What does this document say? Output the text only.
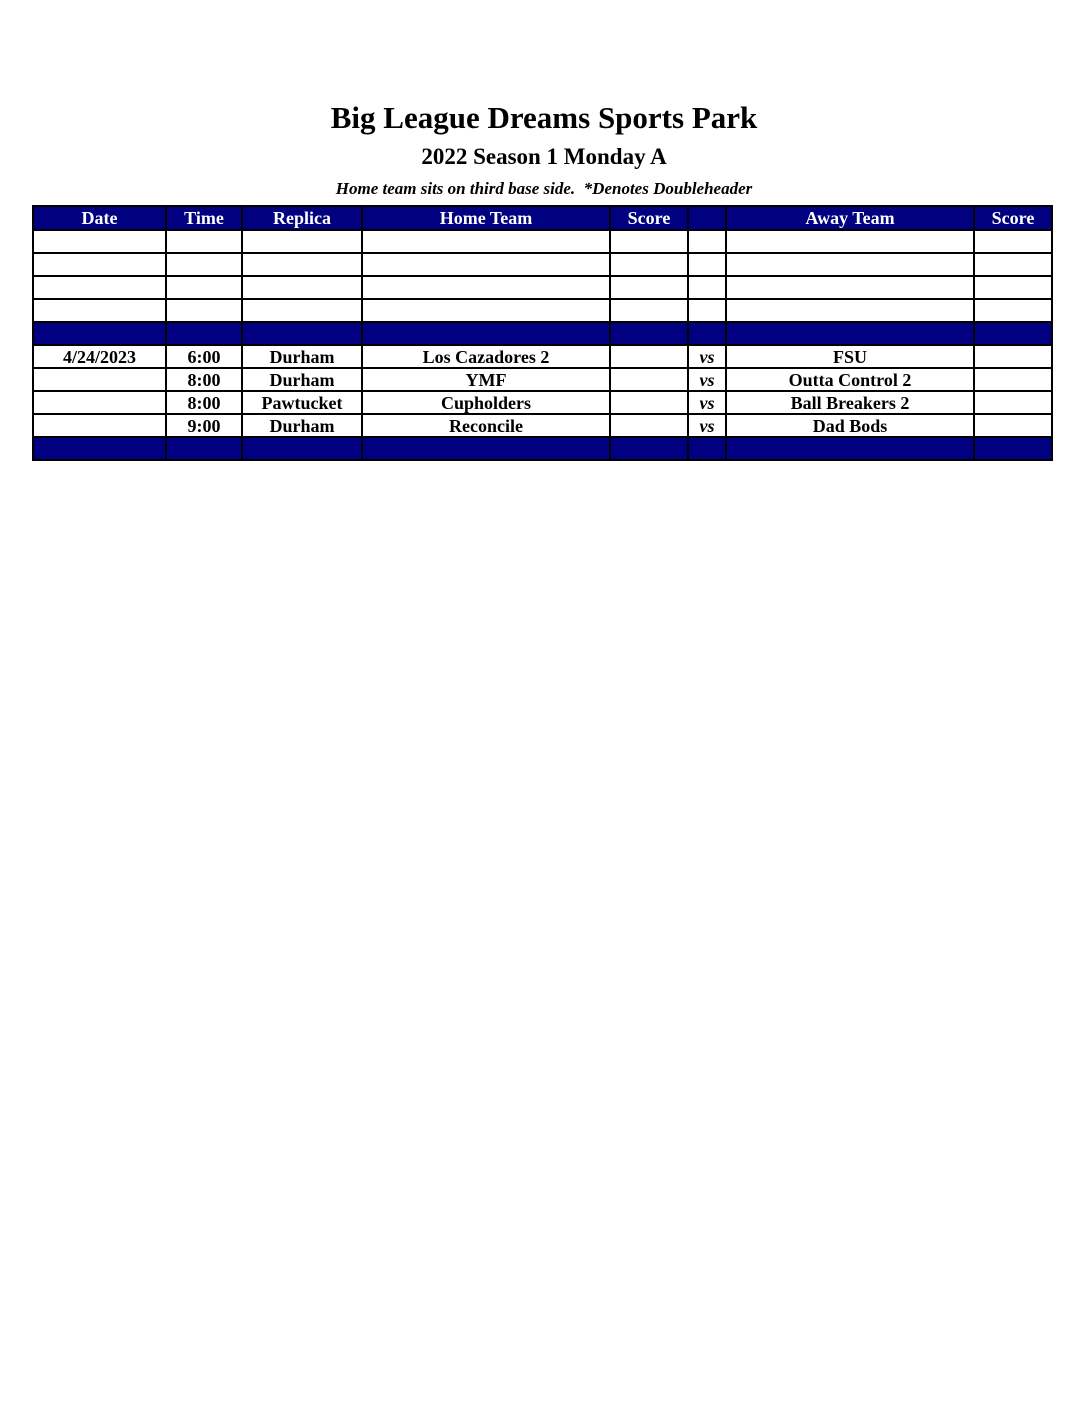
Big League Dreams Sports Park
2022 Season 1 Monday A
Home team sits on third base side.  *Denotes Doubleheader
Date	Time	Replica	Home Team	Score		Away Team	Score

4/24/2023	6:00	Durham	Los Cazadores 2		vs	FSU	
	8:00	Durham	YMF		vs	Outta Control 2	
	8:00	Pawtucket	Cupholders		vs	Ball Breakers 2	
	9:00	Durham	Reconcile		vs	Dad Bods	
